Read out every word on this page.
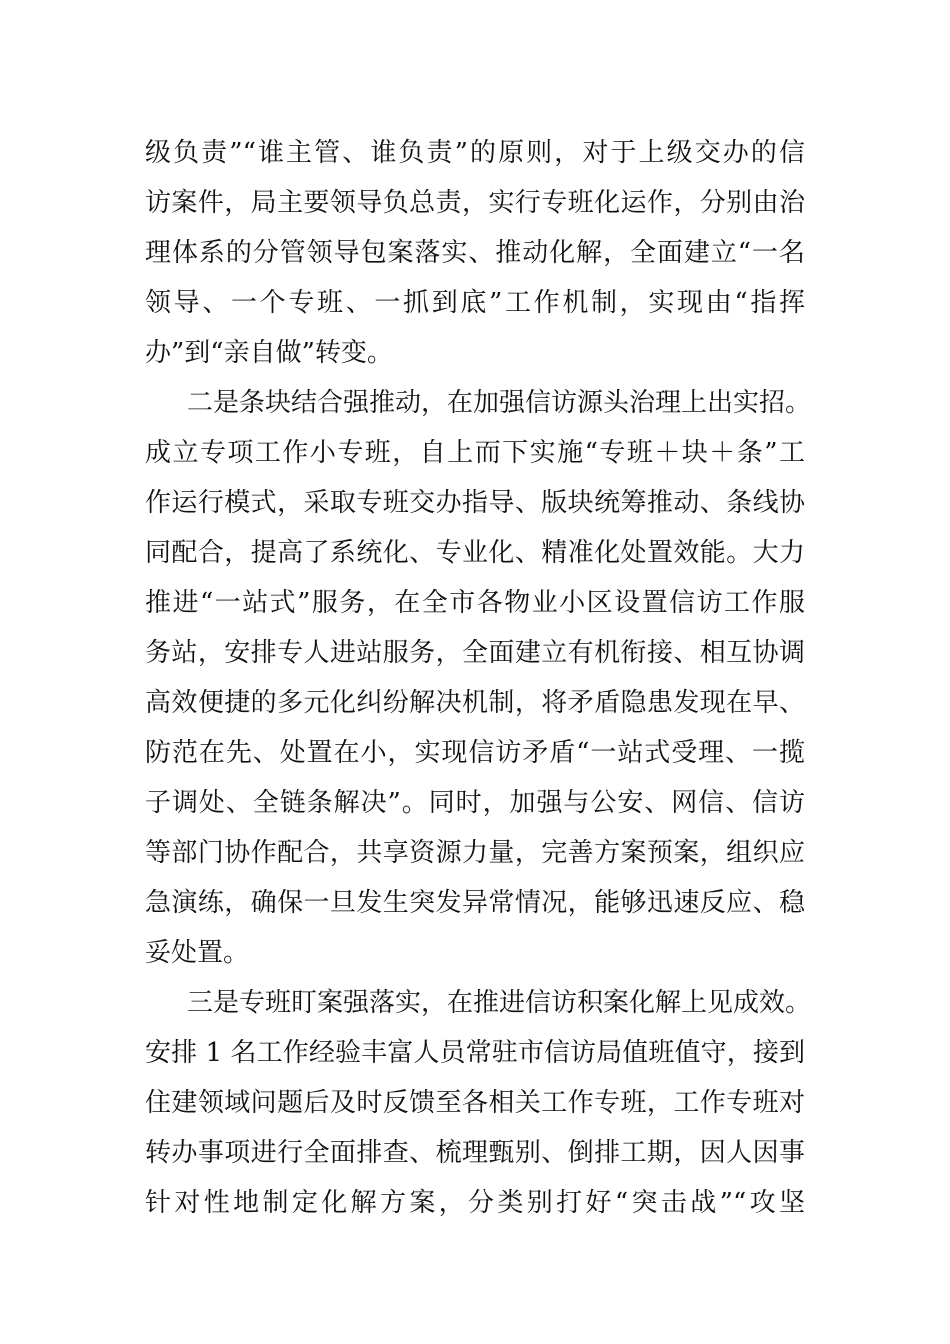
级负责”“谁主管、谁负责”的原则，对于上级交办的信
访案件，局主要领导负总责，实行专班化运作，分别由治
理体系的分管领导包案落实、推动化解，全面建立“一名
领导、一个专班、一抓到底”工作机制，实现由“指挥
办”到“亲自做”转变。
二是条块结合强推动，在加强信访源头治理上出实招。
成立专项工作小专班，自上而下实施“专班＋块＋条”工
作运行模式，采取专班交办指导、版块统筹推动、条线协
同配合，提高了系统化、专业化、精准化处置效能。大力
推进“一站式”服务，在全市各物业小区设置信访工作服
务站，安排专人进站服务，全面建立有机衔接、相互协调
高效便捷的多元化纠纷解决机制，将矛盾隐患发现在早、
防范在先、处置在小，实现信访矛盾“一站式受理、一揽
子调处、全链条解决”。同时，加强与公安、网信、信访
等部门协作配合，共享资源力量，完善方案预案，组织应
急演练，确保一旦发生突发异常情况，能够迅速反应、稳
妥处置。
三是专班盯案强落实，在推进信访积案化解上见成效。
安排 1 名工作经验丰富人员常驻市信访局值班值守，接到
住建领域问题后及时反馈至各相关工作专班，工作专班对
转办事项进行全面排查、梳理甄别、倒排工期，因人因事
针对性地制定化解方案，分类别打好“突击战”“攻坚
